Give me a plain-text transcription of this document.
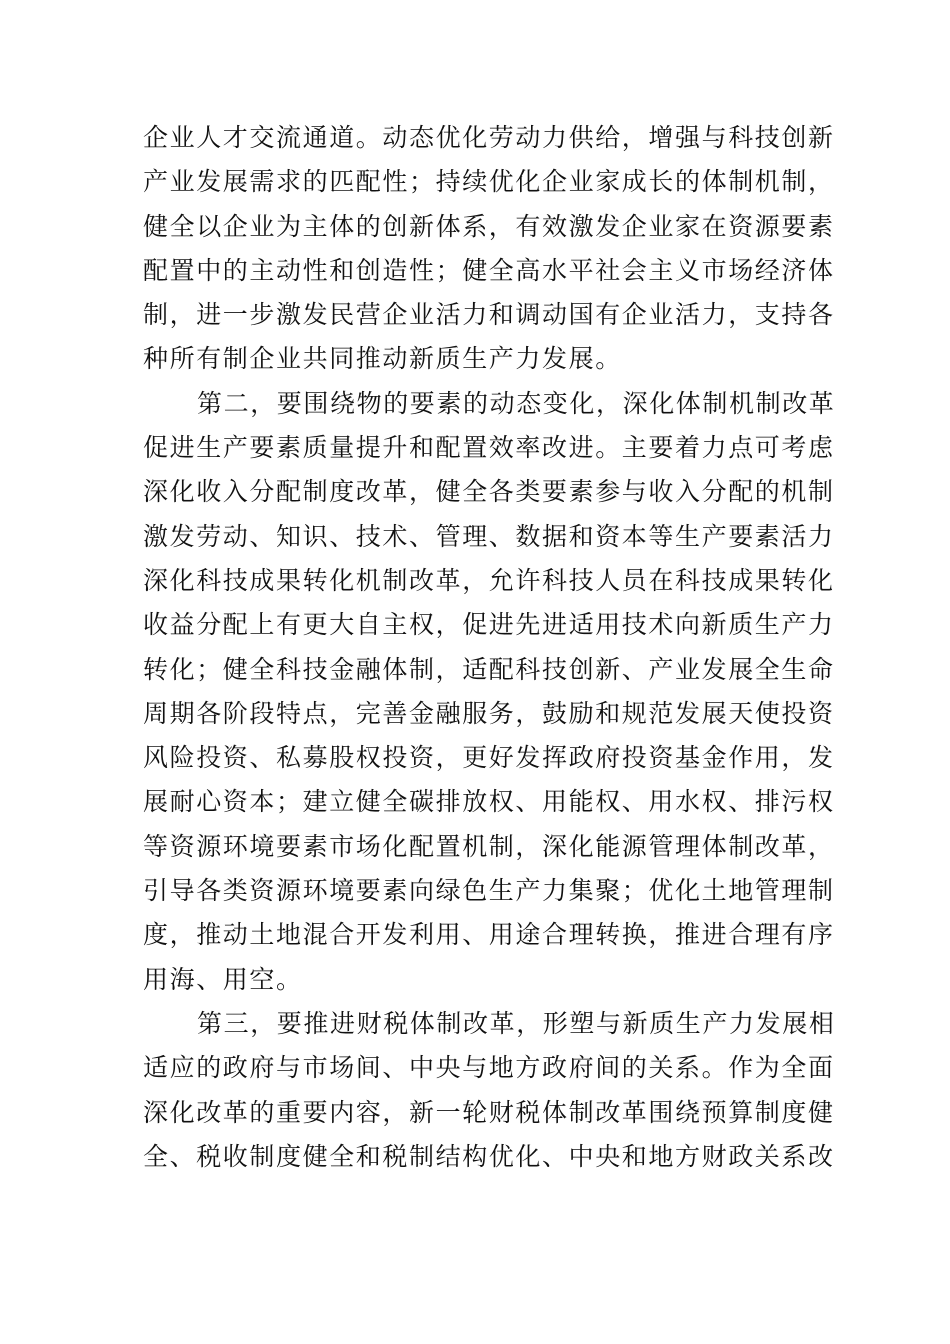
企业人才交流通道。动态优化劳动力供给，增强与科技创新
产业发展需求的匹配性；持续优化企业家成长的体制机制，
健全以企业为主体的创新体系，有效激发企业家在资源要素
配置中的主动性和创造性；健全高水平社会主义市场经济体
制，进一步激发民营企业活力和调动国有企业活力，支持各
种所有制企业共同推动新质生产力发展。
第二，要围绕物的要素的动态变化，深化体制机制改革
促进生产要素质量提升和配置效率改进。主要着力点可考虑
深化收入分配制度改革，健全各类要素参与收入分配的机制
激发劳动、知识、技术、管理、数据和资本等生产要素活力
深化科技成果转化机制改革，允许科技人员在科技成果转化
收益分配上有更大自主权，促进先进适用技术向新质生产力
转化；健全科技金融体制，适配科技创新、产业发展全生命
周期各阶段特点，完善金融服务，鼓励和规范发展天使投资
风险投资、私募股权投资，更好发挥政府投资基金作用，发
展耐心资本；建立健全碳排放权、用能权、用水权、排污权
等资源环境要素市场化配置机制，深化能源管理体制改革，
引导各类资源环境要素向绿色生产力集聚；优化土地管理制
度，推动土地混合开发利用、用途合理转换，推进合理有序
用海、用空。
第三，要推进财税体制改革，形塑与新质生产力发展相
适应的政府与市场间、中央与地方政府间的关系。作为全面
深化改革的重要内容，新一轮财税体制改革围绕预算制度健
全、税收制度健全和税制结构优化、中央和地方财政关系改
